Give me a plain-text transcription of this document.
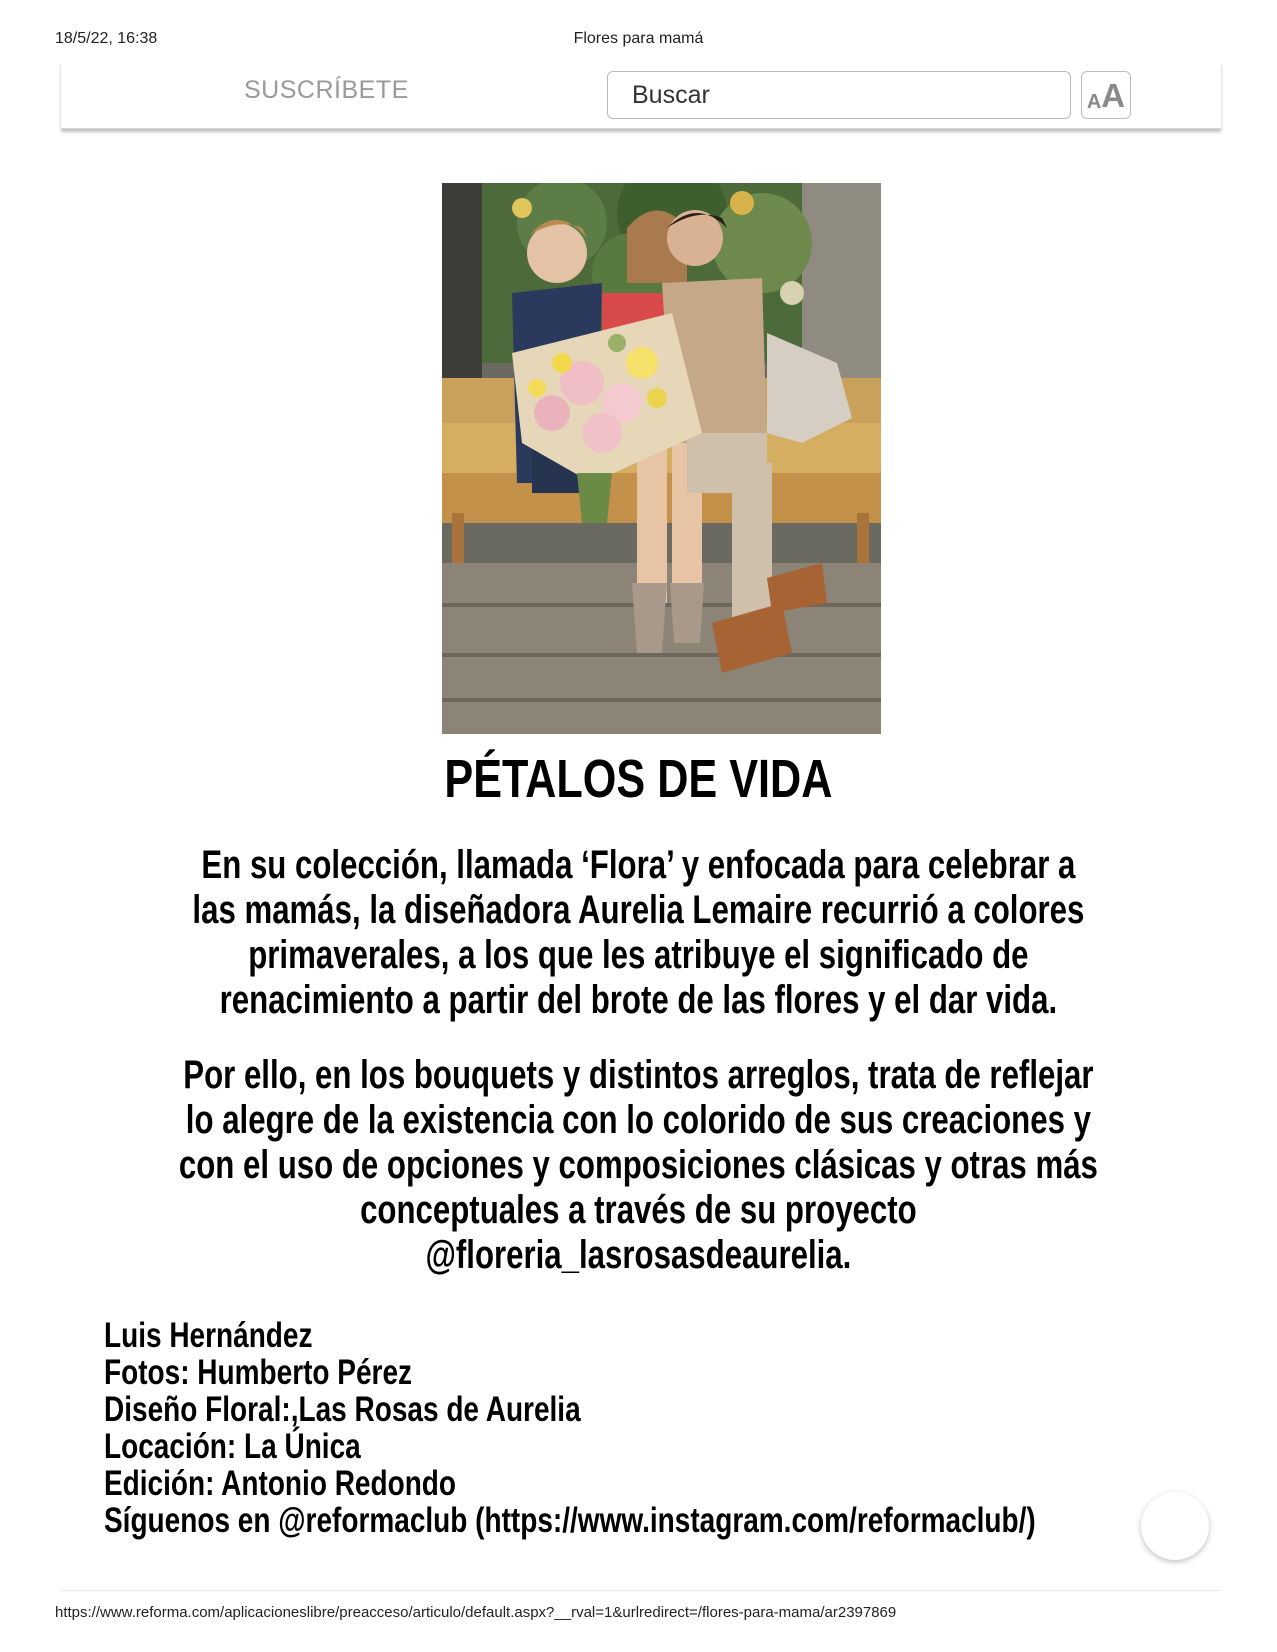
18/5/22, 16:38	Flores para mamá
SUSCRÍBETE
Buscar	A A
PÉTALOS DE VIDA
En su colección, llamada ‘Flora’ y enfocada para celebrar a
las mamás, la diseñadora Aurelia Lemaire recurrió a colores
primaverales, a los que les atribuye el significado de
renacimiento a partir del brote de las flores y el dar vida.
Por ello, en los bouquets y distintos arreglos, trata de reflejar
lo alegre de la existencia con lo colorido de sus creaciones y
con el uso de opciones y composiciones clásicas y otras más
conceptuales a través de su proyecto
@floreria_lasrosasdeaurelia.
Luis Hernández
Fotos: Humberto Pérez
Diseño Floral:,Las Rosas de Aurelia
Locación: La Única
Edición: Antonio Redondo
Síguenos en @reformaclub (https://www.instagram.com/reformaclub/)
https://www.reforma.com/aplicacioneslibre/preacceso/articulo/default.aspx?__rval=1&urlredirect=/flores-para-mama/ar2397869
